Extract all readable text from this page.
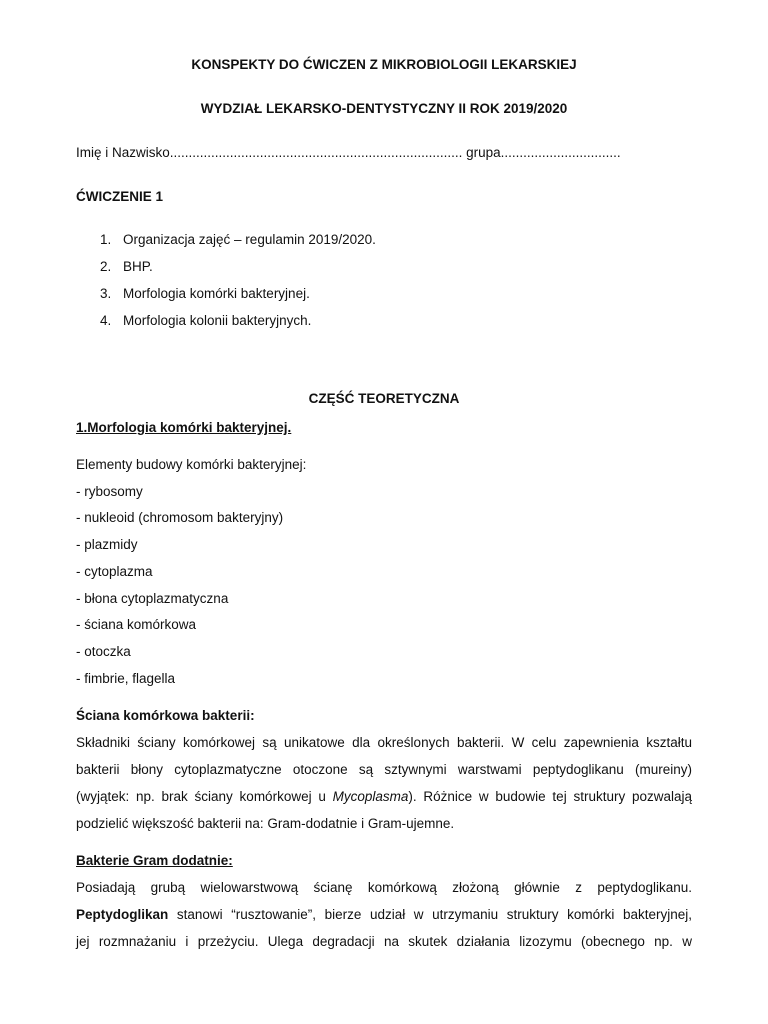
KONSPEKTY DO ĆWICZEN Z MIKROBIOLOGII LEKARSKIEJ
WYDZIAŁ LEKARSKO-DENTYSTYCZNY II ROK 2019/2020
Imię i Nazwisko.............................................................................. grupa................................
ĆWICZENIE 1
1. Organizacja zajęć – regulamin 2019/2020.
2. BHP.
3. Morfologia komórki bakteryjnej.
4. Morfologia kolonii bakteryjnych.
CZĘŚĆ TEORETYCZNA
1.Morfologia komórki bakteryjnej.
Elementy budowy komórki bakteryjnej:
- rybosomy
- nukleoid (chromosom bakteryjny)
- plazmidy
- cytoplazma
- błona cytoplazmatyczna
- ściana komórkowa
- otoczka
- fimbrie, flagella
Ściana komórkowa bakterii:
Składniki ściany komórkowej są unikatowe dla określonych bakterii. W celu zapewnienia kształtu
bakterii błony cytoplazmatyczne otoczone są sztywnymi warstwami peptydoglikanu (mureiny)
(wyjątek: np. brak ściany komórkowej u Mycoplasma). Różnice w budowie tej struktury pozwalają
podzielić większość bakterii na: Gram-dodatnie i Gram-ujemne.
Bakterie Gram dodatnie:
Posiadają grubą wielowarstwową ścianę komórkową złożoną głównie z peptydoglikanu.
Peptydoglikan stanowi “rusztowanie”, bierze udział w utrzymaniu struktury komórki bakteryjnej,
jej rozmnażaniu i przeżyciu. Ulega degradacji na skutek działania lizozymu (obecnego np. w
